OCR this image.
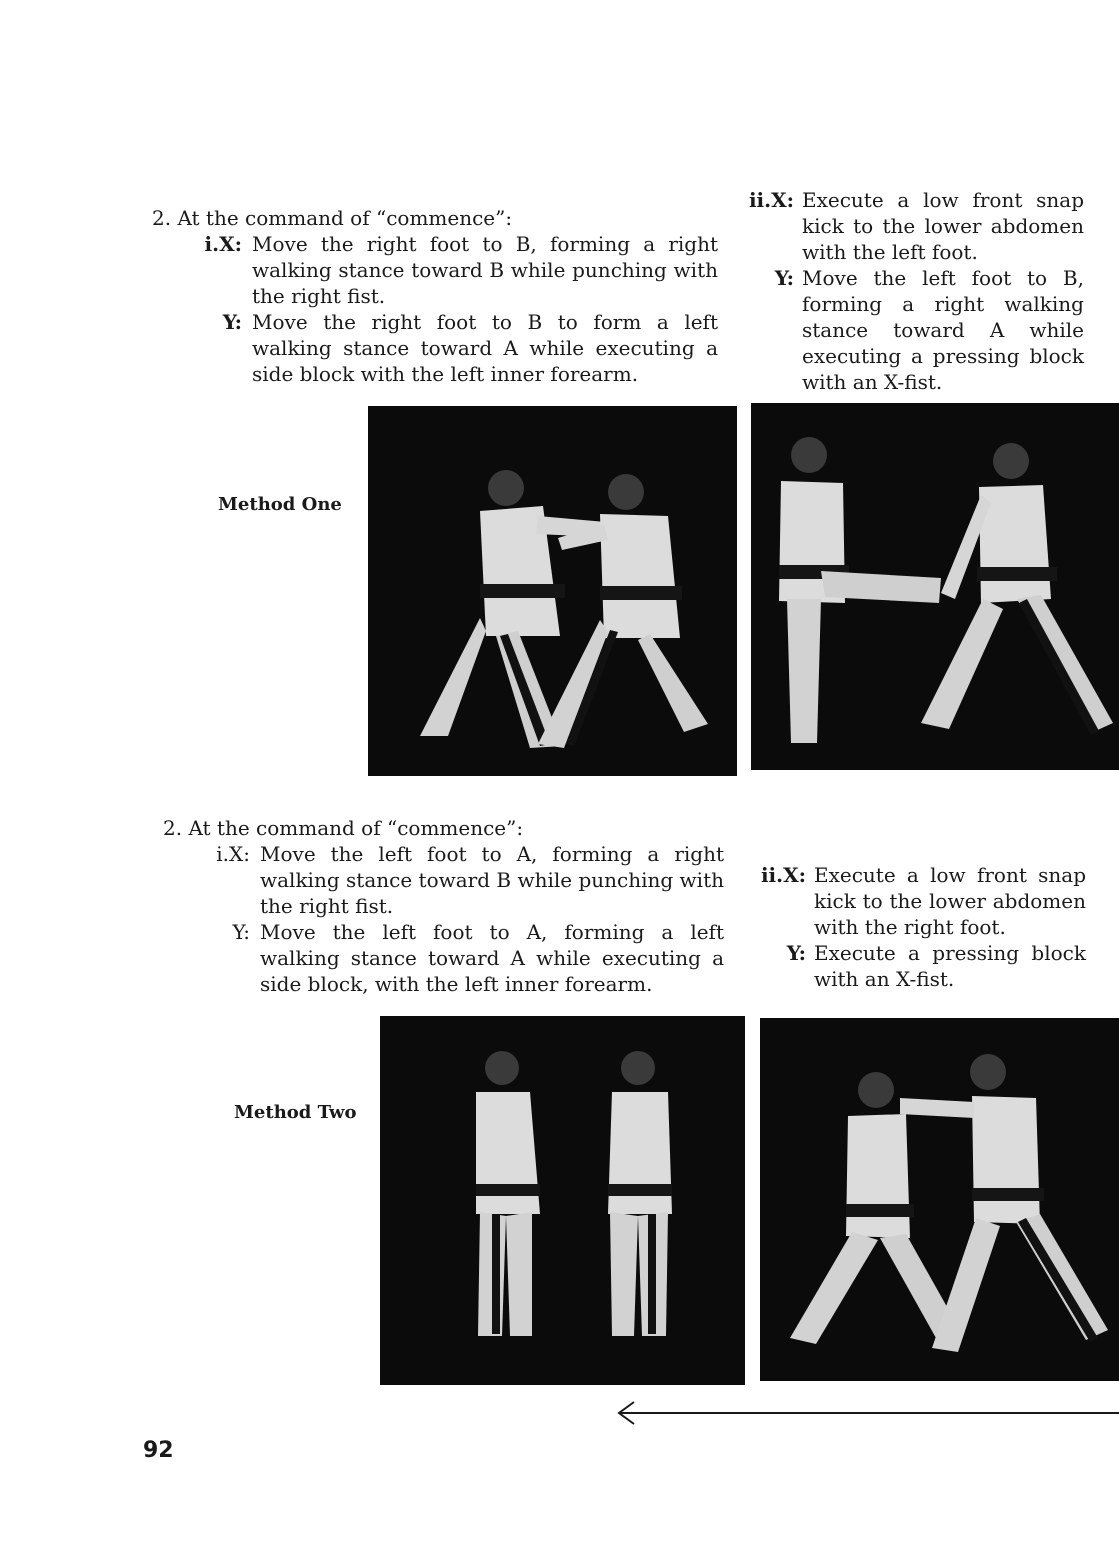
2. At the command of “commence”:
i.X: Move the right foot to B, forming a right walking stance toward B while punching with the right fist.
Y: Move the right foot to B to form a left walking stance toward A while executing a side block with the left inner forearm.
ii.X: Execute a low front snap kick to the lower abdomen with the left foot.
Y: Move the left foot to B, forming a right walking stance toward A while executing a pressing block with an X-fist.
Method One
2. At the command of “commence”:
i.X: Move the left foot to A, forming a right walking stance toward B while punching with the right fist.
Y: Move the left foot to A, forming a left walking stance toward A while executing a side block, with the left inner forearm.
ii.X: Execute a low front snap kick to the lower abdomen with the right foot.
Y: Execute a pressing block with an X-fist.
Method Two
92
